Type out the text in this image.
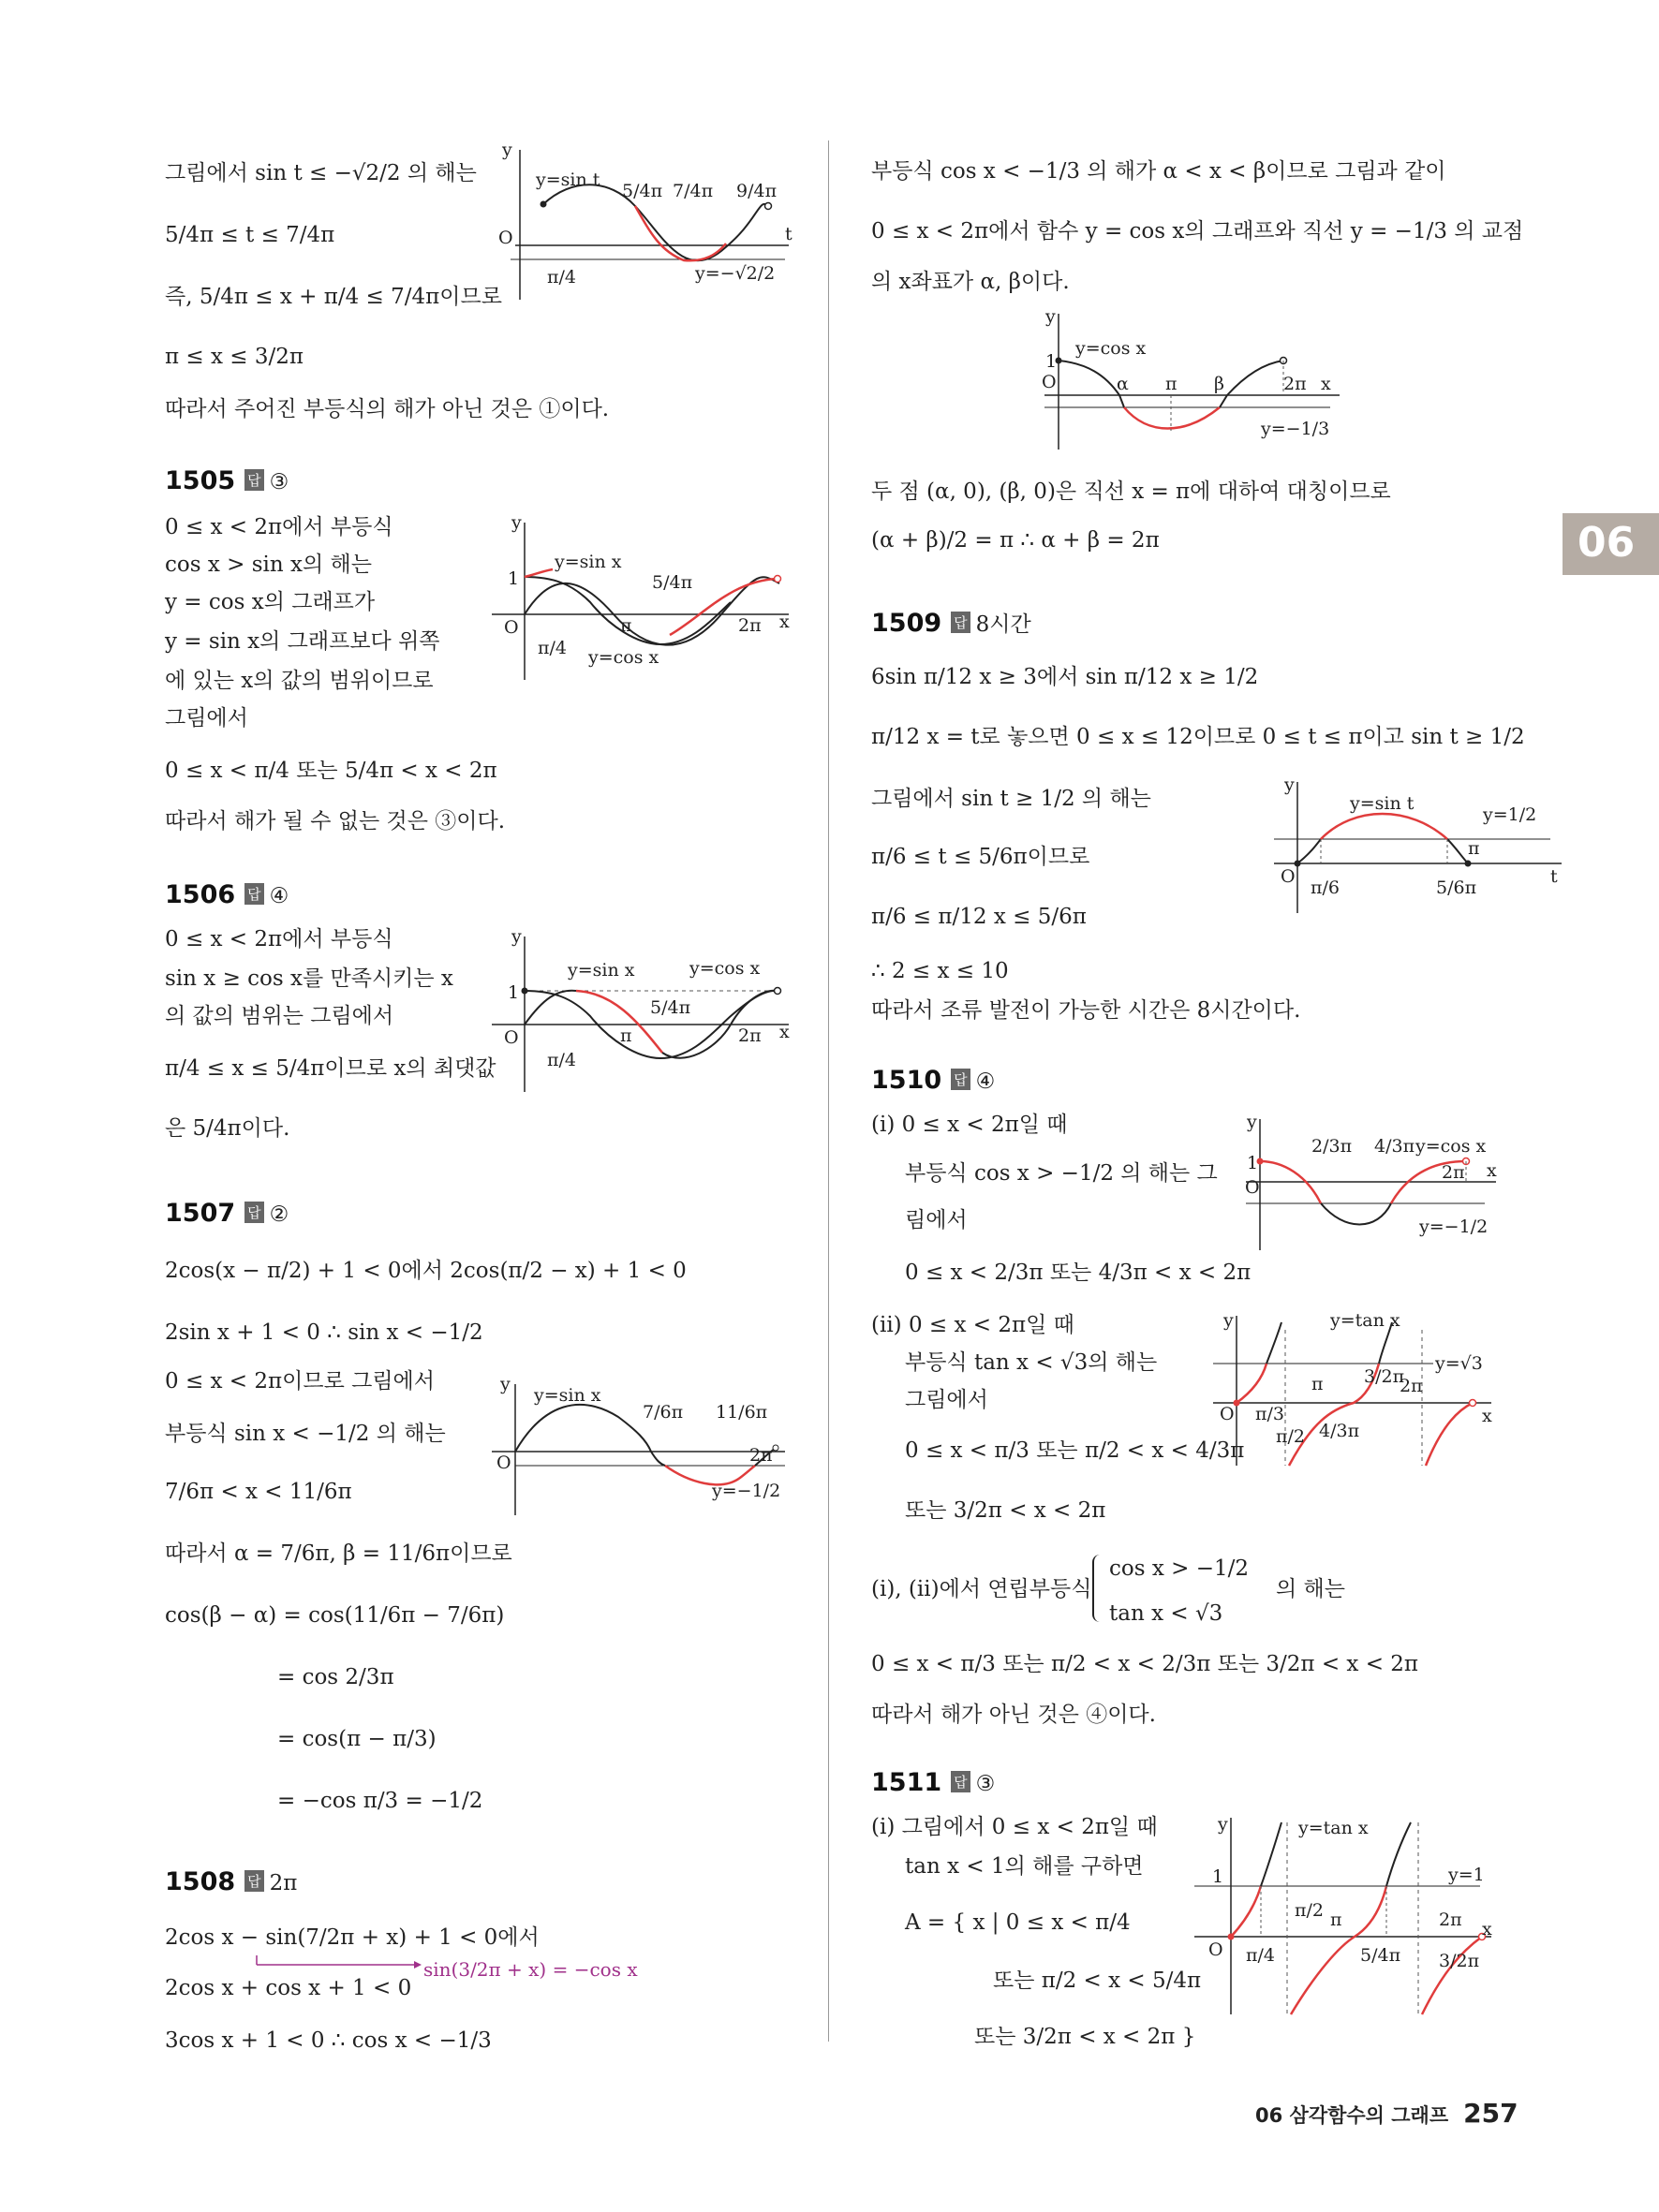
06
그림에서 sin t ≤ −√2/2 의 해는
5/4π ≤ t ≤ 7/4π
즉, 5/4π ≤ x + π/4 ≤ 7/4π이므로
π ≤ x ≤ 3/2π
따라서 주어진 부등식의 해가 아닌 것은 ①이다.
1505 답 ③
0 ≤ x < 2π에서 부등식
cos x > sin x의 해는
y = cos x의 그래프가
y = sin x의 그래프보다 위쪽
에 있는 x의 값의 범위이므로
그림에서
0 ≤ x < π/4 또는 5/4π < x < 2π
따라서 해가 될 수 없는 것은 ③이다.
1506 답 ④
0 ≤ x < 2π에서 부등식
sin x ≥ cos x를 만족시키는 x
의 값의 범위는 그림에서
π/4 ≤ x ≤ 5/4π이므로 x의 최댓값
은 5/4π이다.
1507 답 ②
2cos(x − π/2) + 1 < 0에서 2cos(π/2 − x) + 1 < 0
2sin x + 1 < 0 ∴ sin x < −1/2
0 ≤ x < 2π이므로 그림에서
부등식 sin x < −1/2 의 해는
7/6π < x < 11/6π
따라서 α = 7/6π, β = 11/6π이므로
cos(β − α) = cos(11/6π − 7/6π)
= cos 2/3π
= cos(π − π/3)
= −cos π/3 = −1/2
1508 답 2π
2cos x − sin(7/2π + x) + 1 < 0에서
sin(3/2π + x) = −cos x
2cos x + cos x + 1 < 0
3cos x + 1 < 0 ∴ cos x < −1/3
부등식 cos x < −1/3 의 해가 α < x < β이므로 그림과 같이
0 ≤ x < 2π에서 함수 y = cos x의 그래프와 직선 y = −1/3 의 교점
의 x좌표가 α, β이다.
두 점 (α, 0), (β, 0)은 직선 x = π에 대하여 대칭이므로
(α + β)/2 = π ∴ α + β = 2π
1509 답 8시간
6sin π/12 x ≥ 3에서 sin π/12 x ≥ 1/2
π/12 x = t로 놓으면 0 ≤ x ≤ 12이므로 0 ≤ t ≤ π이고 sin t ≥ 1/2
그림에서 sin t ≥ 1/2 의 해는
π/6 ≤ t ≤ 5/6π이므로
π/6 ≤ π/12 x ≤ 5/6π
∴ 2 ≤ x ≤ 10
따라서 조류 발전이 가능한 시간은 8시간이다.
1510 답 ④
(i) 0 ≤ x < 2π일 때
부등식 cos x > −1/2 의 해는 그
림에서
0 ≤ x < 2/3π 또는 4/3π < x < 2π
(ii) 0 ≤ x < 2π일 때
부등식 tan x < √3의 해는
그림에서
0 ≤ x < π/3 또는 π/2 < x < 4/3π
또는 3/2π < x < 2π
(i), (ii)에서 연립부등식
cos x > −1/2
tan x < √3
의 해는
0 ≤ x < π/3 또는 π/2 < x < 2/3π 또는 3/2π < x < 2π
따라서 해가 아닌 것은 ④이다.
1511 답 ③
(i) 그림에서 0 ≤ x < 2π일 때
tan x < 1의 해를 구하면
A = { x | 0 ≤ x < π/4
또는 π/2 < x < 5/4π
또는 3/2π < x < 2π }
y
t
O
y=sin t
5/4π 7/4π 9/4π
π/4	y=−√2/2
y
x
O
1
y=sin x
y=cos x
5/4π
π/4
π	2π
y
x
O
1
y=sin x	y=cos x
5/4π
π/4
π	2π
y
O
y=sin x
7/6π 11/6π
2π
y=−1/2
y
x
O
1
y=cos x
α π β	2π
y=−1/3
y
t
O
y=sin t
y=1/2
π/6	5/6π
π
y
x
O
1
2/3π 4/3π y=cos x
2π
y=−1/2
y
x
O
y=tan x
y=√3
π/3
π/2
π
4/3π
3/2π
2π
y
x
O
1
y=tan x
y=1
π/4
π/2 π
5/4π 3/2π
2π
06 삼각함수의 그래프 257
